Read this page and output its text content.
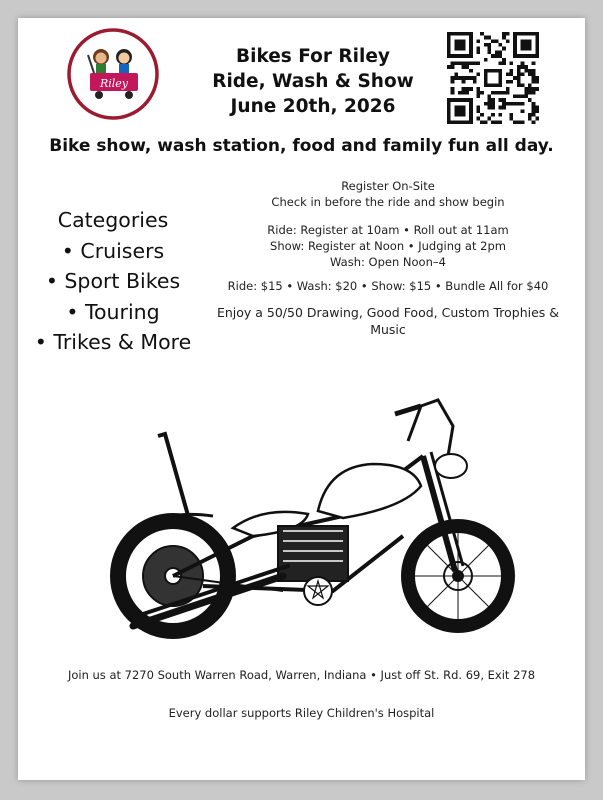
Riley
Bikes For Riley
Ride, Wash & Show
June 20th, 2026
Bike show, wash station, food and family fun all day.
Categories
• Cruisers
• Sport Bikes
• Touring
• Trikes & More
Register On-Site
Check in before the ride and show begin
Ride: Register at 10am • Roll out at 11am
Show: Register at Noon • Judging at 2pm
Wash: Open Noon–4
Ride: $15 • Wash: $20 • Show: $15 • Bundle All for $40
Enjoy a 50/50 Drawing, Good Food, Custom Trophies & Music
Join us at 7270 South Warren Road, Warren, Indiana • Just off St. Rd. 69, Exit 278
Every dollar supports Riley Children's Hospital
